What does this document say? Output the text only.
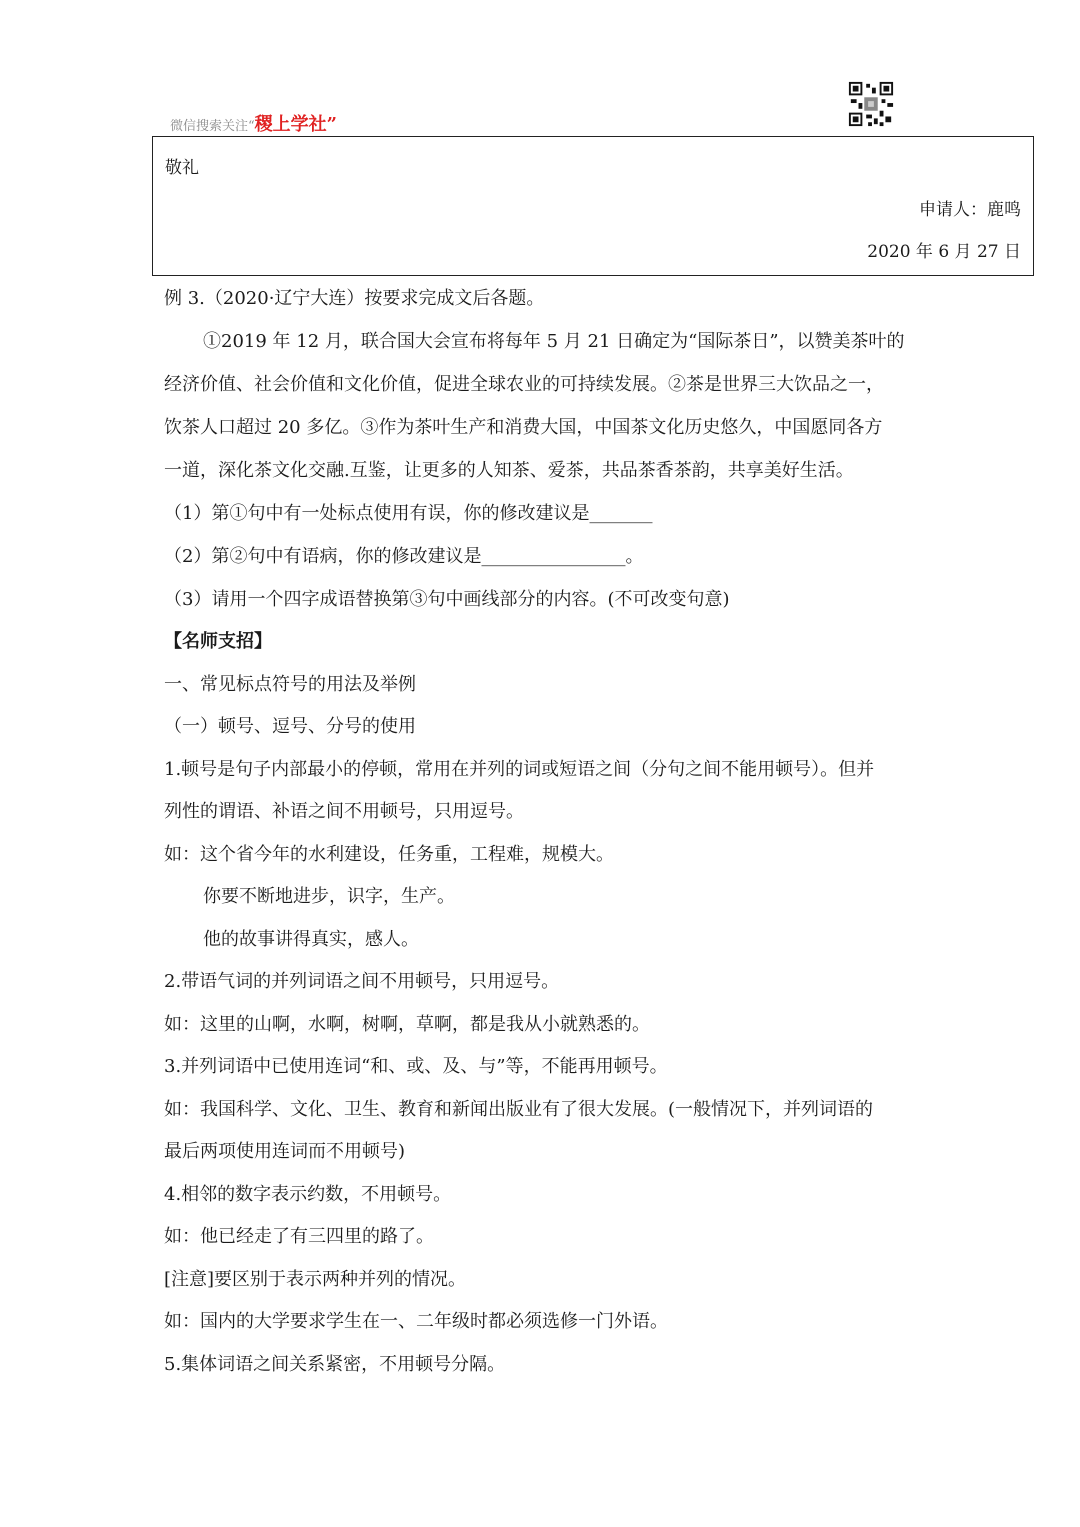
微信搜索关注“稷上学社”
敬礼
申请人：鹿鸣
2020 年 6 月 27 日
例 3.（2020·辽宁大连）按要求完成文后各题。
①2019 年 12 月，联合国大会宣布将每年 5 月 21 日确定为“国际茶日”，以赞美茶叶的
经济价值、社会价值和文化价值，促进全球农业的可持续发展。②茶是世界三大饮品之一，
饮茶人口超过 20 多亿。③作为茶叶生产和消费大国，中国茶文化历史悠久，中国愿同各方
一道，深化茶文化交融.互鉴，让更多的人知茶、爱茶，共品茶香茶韵，共享美好生活。
（1）第①句中有一处标点使用有误，你的修改建议是_______
（2）第②句中有语病，你的修改建议是________________。
（3）请用一个四字成语替换第③句中画线部分的内容。(不可改变句意)
【名师支招】
一、常见标点符号的用法及举例
（一）顿号、逗号、分号的使用
1.顿号是句子内部最小的停顿，常用在并列的词或短语之间（分句之间不能用顿号）。但并
列性的谓语、补语之间不用顿号，只用逗号。
如：这个省今年的水利建设，任务重，工程难，规模大。
你要不断地进步，识字，生产。
他的故事讲得真实，感人。
2.带语气词的并列词语之间不用顿号，只用逗号。
如：这里的山啊，水啊，树啊，草啊，都是我从小就熟悉的。
3.并列词语中已使用连词“和、或、及、与”等，不能再用顿号。
如：我国科学、文化、卫生、教育和新闻出版业有了很大发展。(一般情况下，并列词语的
最后两项使用连词而不用顿号)
4.相邻的数字表示约数，不用顿号。
如：他已经走了有三四里的路了。
[注意]要区别于表示两种并列的情况。
如：国内的大学要求学生在一、二年级时都必须选修一门外语。
5.集体词语之间关系紧密，不用顿号分隔。
